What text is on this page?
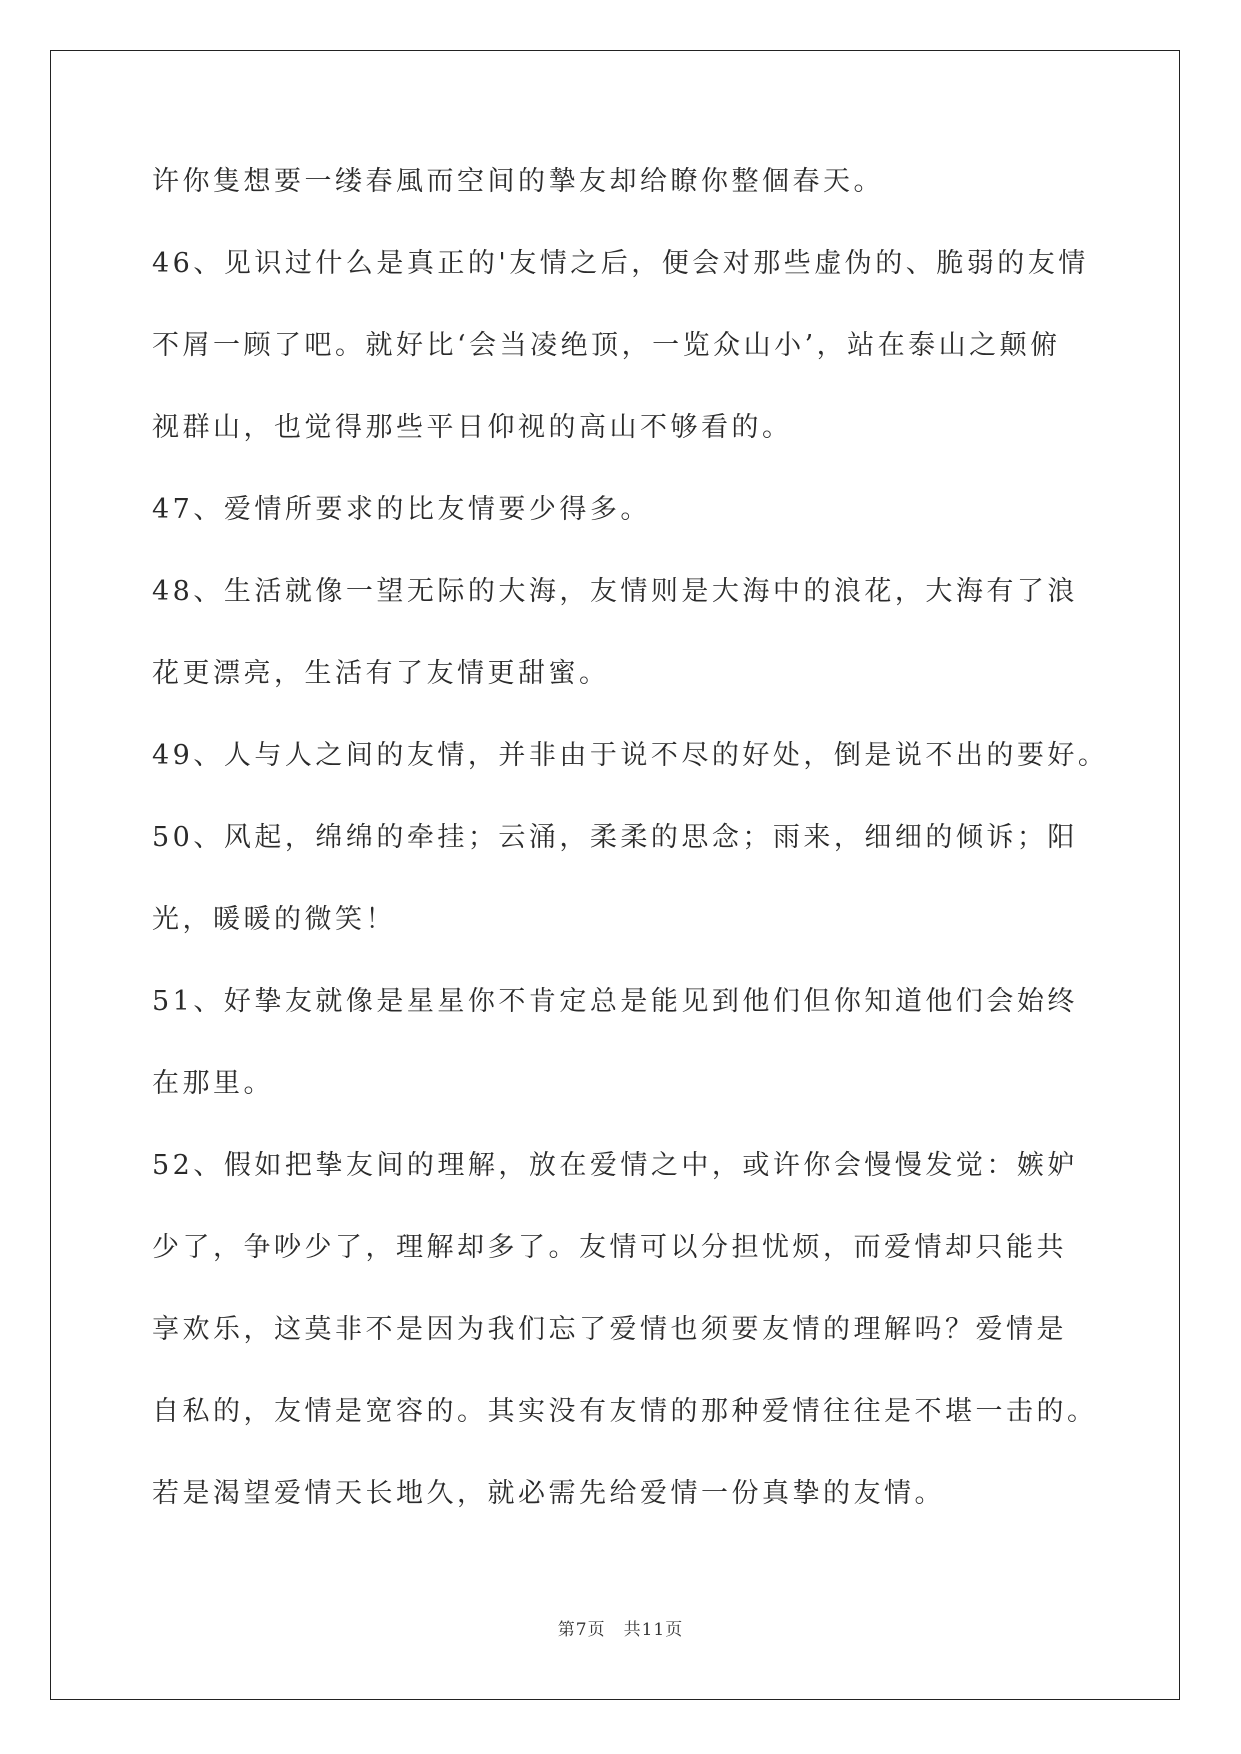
许你隻想要一缕春風而空间的摯友却给瞭你整個春天。
46、见识过什么是真正的'友情之后，便会对那些虚伪的、脆弱的友情
不屑一顾了吧。就好比‘会当凌绝顶，一览众山小’，站在泰山之颠俯
视群山，也觉得那些平日仰视的高山不够看的。
47、爱情所要求的比友情要少得多。
48、生活就像一望无际的大海，友情则是大海中的浪花，大海有了浪
花更漂亮，生活有了友情更甜蜜。
49、人与人之间的友情，并非由于说不尽的好处，倒是说不出的要好。
50、风起，绵绵的牵挂；云涌，柔柔的思念；雨来，细细的倾诉；阳
光，暖暖的微笑！
51、好挚友就像是星星你不肯定总是能见到他们但你知道他们会始终
在那里。
52、假如把挚友间的理解，放在爱情之中，或许你会慢慢发觉：嫉妒
少了，争吵少了，理解却多了。友情可以分担忧烦，而爱情却只能共
享欢乐，这莫非不是因为我们忘了爱情也须要友情的理解吗？爱情是
自私的，友情是宽容的。其实没有友情的那种爱情往往是不堪一击的。
若是渴望爱情天长地久，就必需先给爱情一份真挚的友情。
第7页　共11页
